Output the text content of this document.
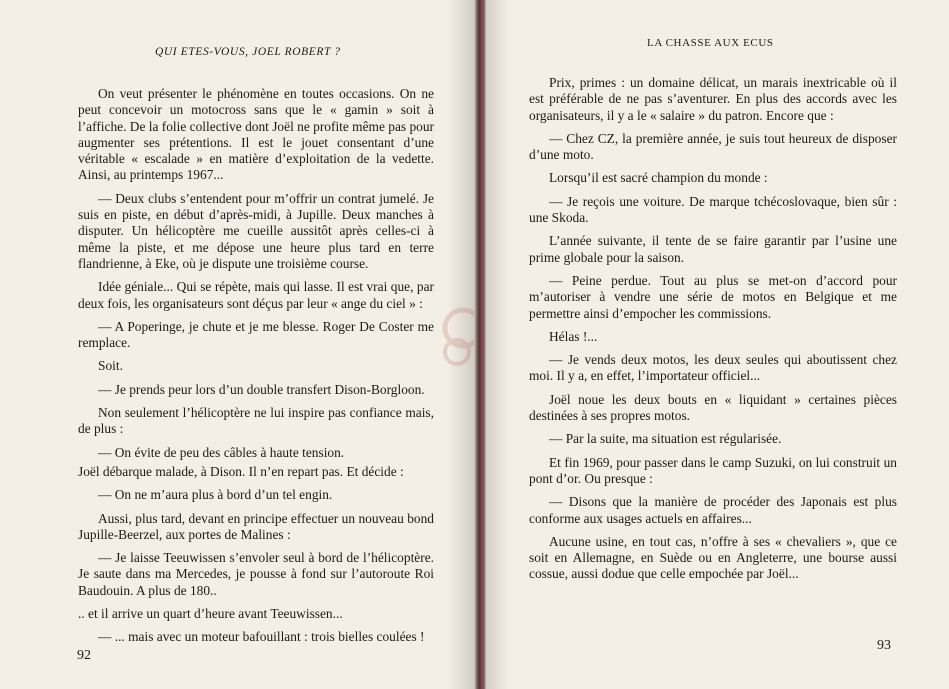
QUI ETES-VOUS, JOEL ROBERT ?

On veut présenter le phénomène en toutes occasions. On ne peut concevoir un motocross sans que le « gamin » soit à l’affiche. De la folie collective dont Joël ne profite même pas pour augmenter ses prétentions. Il est le jouet consentant d’une véritable « escalade » en matière d’exploitation de la vedette. Ainsi, au printemps 1967...

— Deux clubs s’entendent pour m’offrir un contrat jumelé. Je suis en piste, en début d’après-midi, à Jupille. Deux manches à disputer. Un hélicoptère me cueille aussitôt après celles-ci à même la piste, et me dépose une heure plus tard en terre flandrienne, à Eke, où je dispute une troisième course.

Idée géniale... Qui se répète, mais qui lasse. Il est vrai que, par deux fois, les organisateurs sont déçus par leur « ange du ciel » :

— A Poperinge, je chute et je me blesse. Roger De Coster me remplace.

Soit.

— Je prends peur lors d’un double transfert Dison-Borgloon.

Non seulement l’hélicoptère ne lui inspire pas confiance mais, de plus :

— On évite de peu des câbles à haute tension.

Joël débarque malade, à Dison. Il n’en repart pas. Et décide :

— On ne m’aura plus à bord d’un tel engin.

Aussi, plus tard, devant en principe effectuer un nouveau bond Jupille-Beerzel, aux portes de Malines :

— Je laisse Teeuwissen s’envoler seul à bord de l’hélicoptère. Je saute dans ma Mercedes, je pousse à fond sur l’autoroute Roi Baudouin. A plus de 180..

.. et il arrive un quart d’heure avant Teeuwissen...

— ... mais avec un moteur bafouillant : trois bielles coulées !

92
LA CHASSE AUX ECUS

Prix, primes : un domaine délicat, un marais inextricable où il est préférable de ne pas s’aventurer. En plus des accords avec les organisateurs, il y a le « salaire » du patron. Encore que :

— Chez CZ, la première année, je suis tout heureux de disposer d’une moto.

Lorsqu’il est sacré champion du monde :

— Je reçois une voiture. De marque tchécoslovaque, bien sûr : une Skoda.

L’année suivante, il tente de se faire garantir par l’usine une prime globale pour la saison.

— Peine perdue. Tout au plus se met-on d’accord pour m’autoriser à vendre une série de motos en Belgique et me permettre ainsi d’empocher les commissions.

Hélas !...

— Je vends deux motos, les deux seules qui aboutissent chez moi. Il y a, en effet, l’importateur officiel...

Joël noue les deux bouts en « liquidant » certaines pièces destinées à ses propres motos.

— Par la suite, ma situation est régularisée.

Et fin 1969, pour passer dans le camp Suzuki, on lui construit un pont d’or. Ou presque :

— Disons que la manière de procéder des Japonais est plus conforme aux usages actuels en affaires...

Aucune usine, en tout cas, n’offre à ses « chevaliers », que ce soit en Allemagne, en Suède ou en Angleterre, une bourse aussi cossue, aussi dodue que celle empochée par Joël...

93
